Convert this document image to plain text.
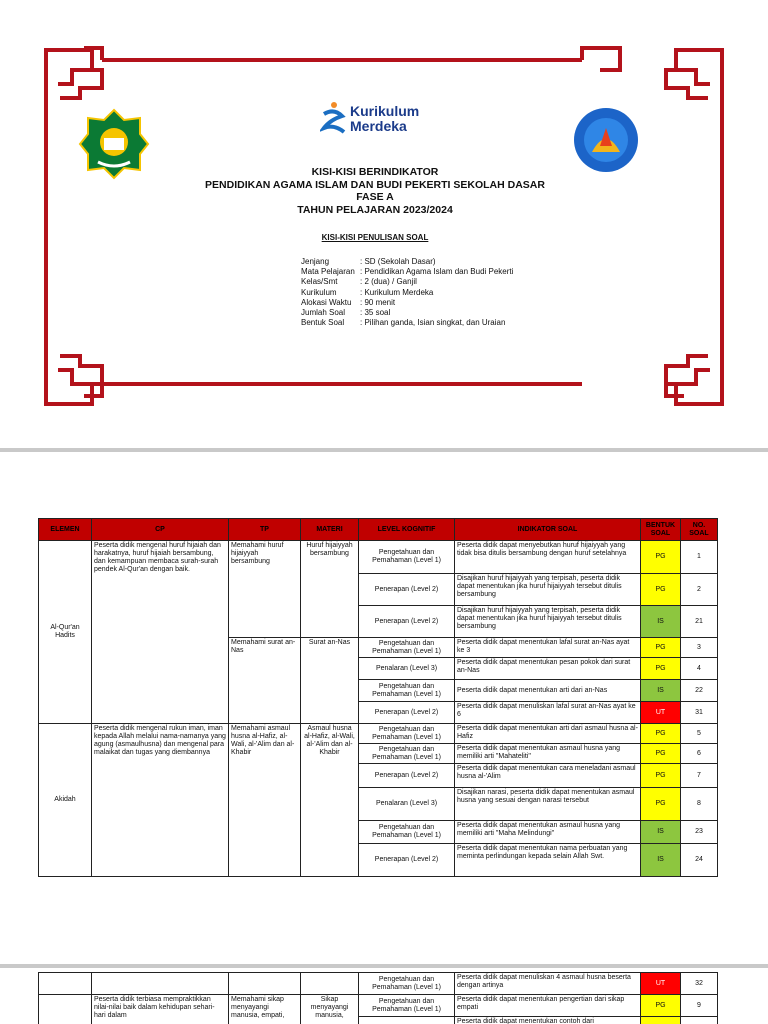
Kurikulum
Merdeka
KISI-KISI BERINDIKATOR
PENDIDIKAN AGAMA ISLAM DAN BUDI PEKERTI SEKOLAH DASAR
FASE A
TAHUN PELAJARAN 2023/2024
KISI-KISI PENULISAN SOAL
Jenjang	: SD (Sekolah Dasar)
Mata Pelajaran : Pendidikan Agama Islam dan Budi Pekerti
Kelas/Smt	: 2 (dua) / Ganjil
Kurikulum	: Kurikulum Merdeka
Alokasi Waktu	: 90 menit
Jumlah Soal	: 35 soal
Bentuk Soal	: Pilihan ganda, Isian singkat, dan Uraian
ELEMEN	CP	TP	MATERI	LEVEL KOGNITIF	INDIKATOR SOAL	BENTUK SOAL	NO. SOAL
Al-Qur'an Hadits	Peserta didik mengenal huruf hijaiah dan harakatnya, huruf hijaiah bersambung, dan kemampuan membaca surah-surah pendek Al-Qur'an dengan baik.	Memahami huruf hijaiyyah bersambung	Huruf hijaiyyah bersambung	Pengetahuan dan Pemahaman (Level 1)	Peserta didik dapat menyebutkan huruf hijaiyyah yang tidak bisa ditulis bersambung dengan huruf setelahnya	PG	1
				Penerapan (Level 2)	Disajikan huruf hijaiyyah yang terpisah, peserta didik dapat menentukan jika huruf hijaiyyah tersebut ditulis bersambung	PG	2
				Penerapan (Level 2)	Disajikan huruf hijaiyyah yang terpisah, peserta didik dapat menentukan jika huruf hijaiyyah tersebut ditulis bersambung	IS	21
		Memahami surat an-Nas	Surat an-Nas	Pengetahuan dan Pemahaman (Level 1)	Peserta didik dapat menentukan lafal surat an-Nas ayat ke 3	PG	3
				Penalaran (Level 3)	Peserta didik dapat menentukan pesan pokok dari surat an-Nas	PG	4
				Pengetahuan dan Pemahaman (Level 1)	Peserta didik dapat menentukan arti dari an-Nas	IS	22
				Penerapan (Level 2)	Peserta didik dapat menuliskan lafal surat an-Nas ayat ke 6	UT	31
Akidah	Peserta didik mengenal rukun iman, iman kepada Allah melalui nama-namanya yang agung (asmaulhusna) dan mengenal para malaikat dan tugas yang diembannya	Memahami asmaul husna al-Hafiz, al-Wali, al-'Alim dan al-Khabir	Asmaul husna al-Hafiz, al-Wali, al-'Alim dan al-Khabir	Pengetahuan dan Pemahaman (Level 1)	Peserta didik dapat menentukan arti dari asmaul husna al-Hafiz	PG	5
				Pengetahuan dan Pemahaman (Level 1)	Peserta didik dapat menentukan asmaul husna yang memiliki arti "Mahateliti"	PG	6
				Penerapan (Level 2)	Peserta didik dapat menentukan cara meneladani asmaul husna al-'Alim	PG	7
				Penalaran (Level 3)	Disajikan narasi, peserta didik dapat menentukan asmaul husna yang sesuai dengan narasi tersebut	PG	8
				Pengetahuan dan Pemahaman (Level 1)	Peserta didik dapat menentukan asmaul husna yang memiliki arti "Maha Melindungi"	IS	23
				Penerapan (Level 2)	Peserta didik dapat menentukan nama perbuatan yang meminta perlindungan kepada selain Allah Swt.	IS	24
				Pengetahuan dan Pemahaman (Level 1)	Peserta didik dapat menuliskan 4 asmaul husna beserta dengan artinya	UT	32
	Peserta didik terbiasa mempraktikkan nilai-nilai baik dalam kehidupan sehari-hari dalam	Memahami sikap menyayangi manusia, empati,	Sikap menyayangi manusia,	Pengetahuan dan Pemahaman (Level 1)	Peserta didik dapat menentukan pengertian dari sikap empati	PG	9
					Peserta didik dapat menentukan contoh dari		
